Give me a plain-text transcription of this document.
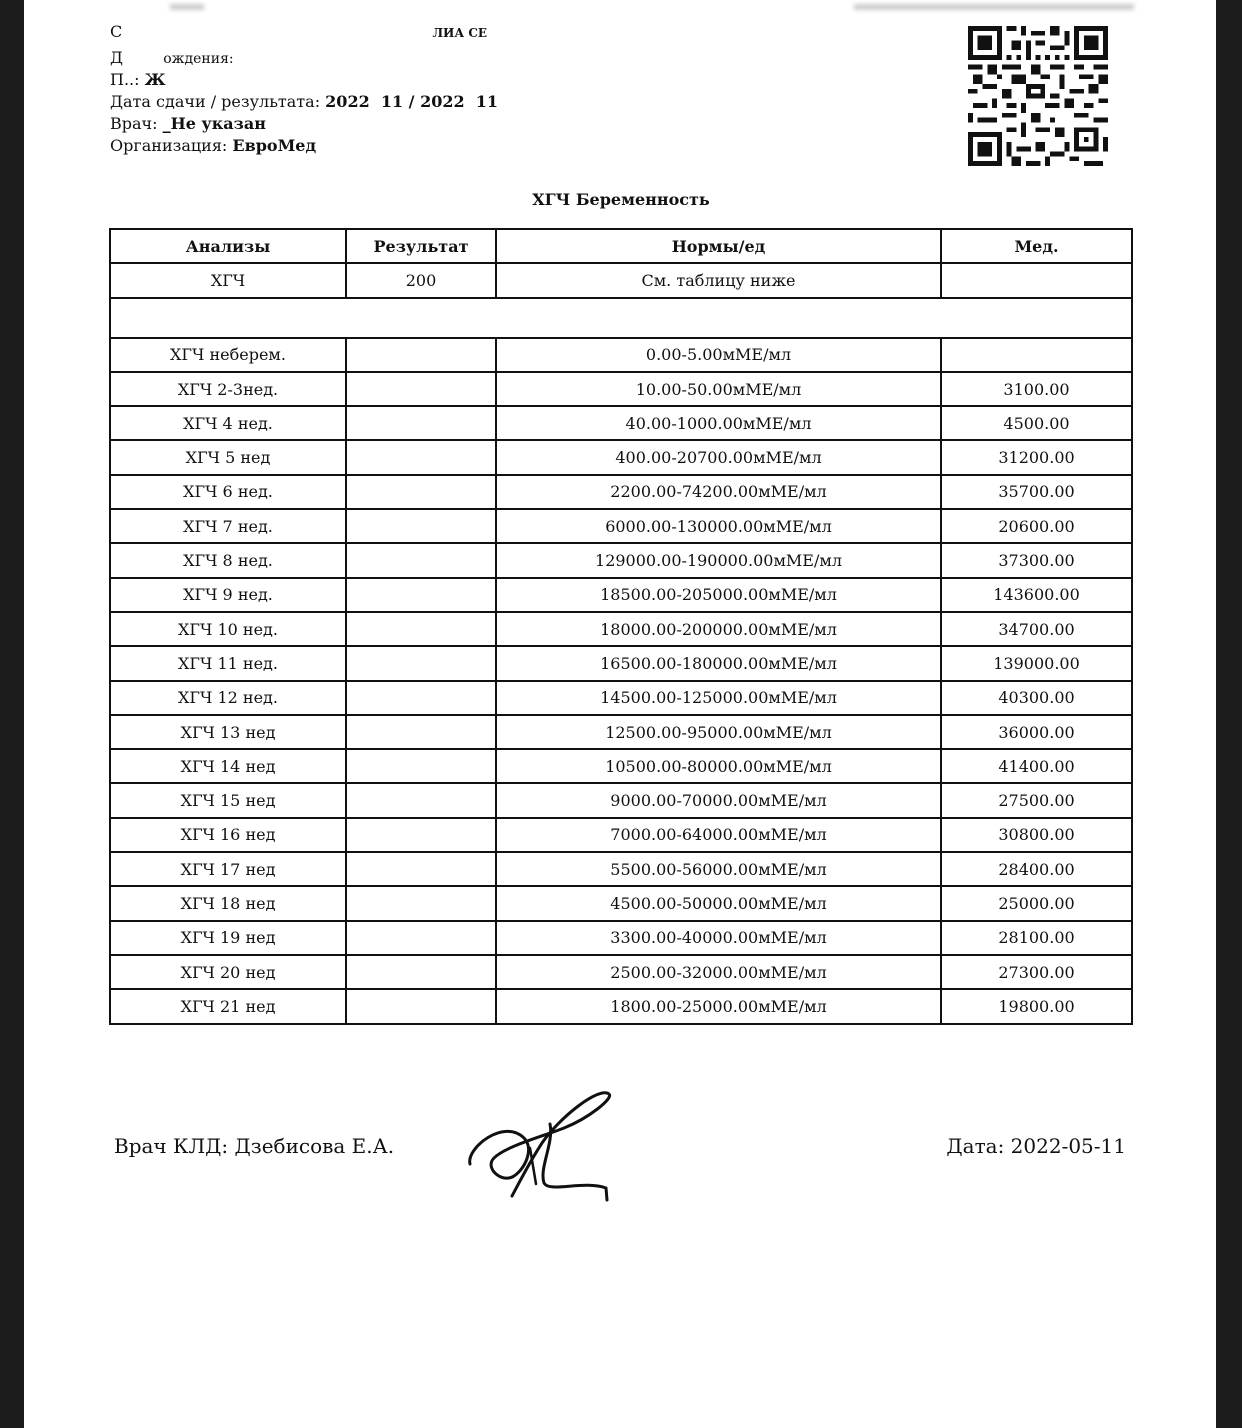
С	ЛИА СЕ
Д	ождения:
П..: Ж
Дата сдачи / результата: 2022  11 / 2022  11
Врач: _Не указан
Организация: ЕвроМед
ХГЧ Беременность
Анализы	Результат	Нормы/ед	Мед.
ХГЧ	200	См. таблицу ниже	

ХГЧ неберем.		0.00-5.00мМЕ/мл	
ХГЧ 2-3нед.		10.00-50.00мМЕ/мл	3100.00
ХГЧ 4 нед.		40.00-1000.00мМЕ/мл	4500.00
ХГЧ 5 нед		400.00-20700.00мМЕ/мл	31200.00
ХГЧ 6 нед.		2200.00-74200.00мМЕ/мл	35700.00
ХГЧ 7 нед.		6000.00-130000.00мМЕ/мл	20600.00
ХГЧ 8 нед.		129000.00-190000.00мМЕ/мл	37300.00
ХГЧ 9 нед.		18500.00-205000.00мМЕ/мл	143600.00
ХГЧ 10 нед.		18000.00-200000.00мМЕ/мл	34700.00
ХГЧ 11 нед.		16500.00-180000.00мМЕ/мл	139000.00
ХГЧ 12 нед.		14500.00-125000.00мМЕ/мл	40300.00
ХГЧ 13 нед		12500.00-95000.00мМЕ/мл	36000.00
ХГЧ 14 нед		10500.00-80000.00мМЕ/мл	41400.00
ХГЧ 15 нед		9000.00-70000.00мМЕ/мл	27500.00
ХГЧ 16 нед		7000.00-64000.00мМЕ/мл	30800.00
ХГЧ 17 нед		5500.00-56000.00мМЕ/мл	28400.00
ХГЧ 18 нед		4500.00-50000.00мМЕ/мл	25000.00
ХГЧ 19 нед		3300.00-40000.00мМЕ/мл	28100.00
ХГЧ 20 нед		2500.00-32000.00мМЕ/мл	27300.00
ХГЧ 21 нед		1800.00-25000.00мМЕ/мл	19800.00
Врач КЛД: Дзебисова Е.А.	Дата: 2022-05-11
